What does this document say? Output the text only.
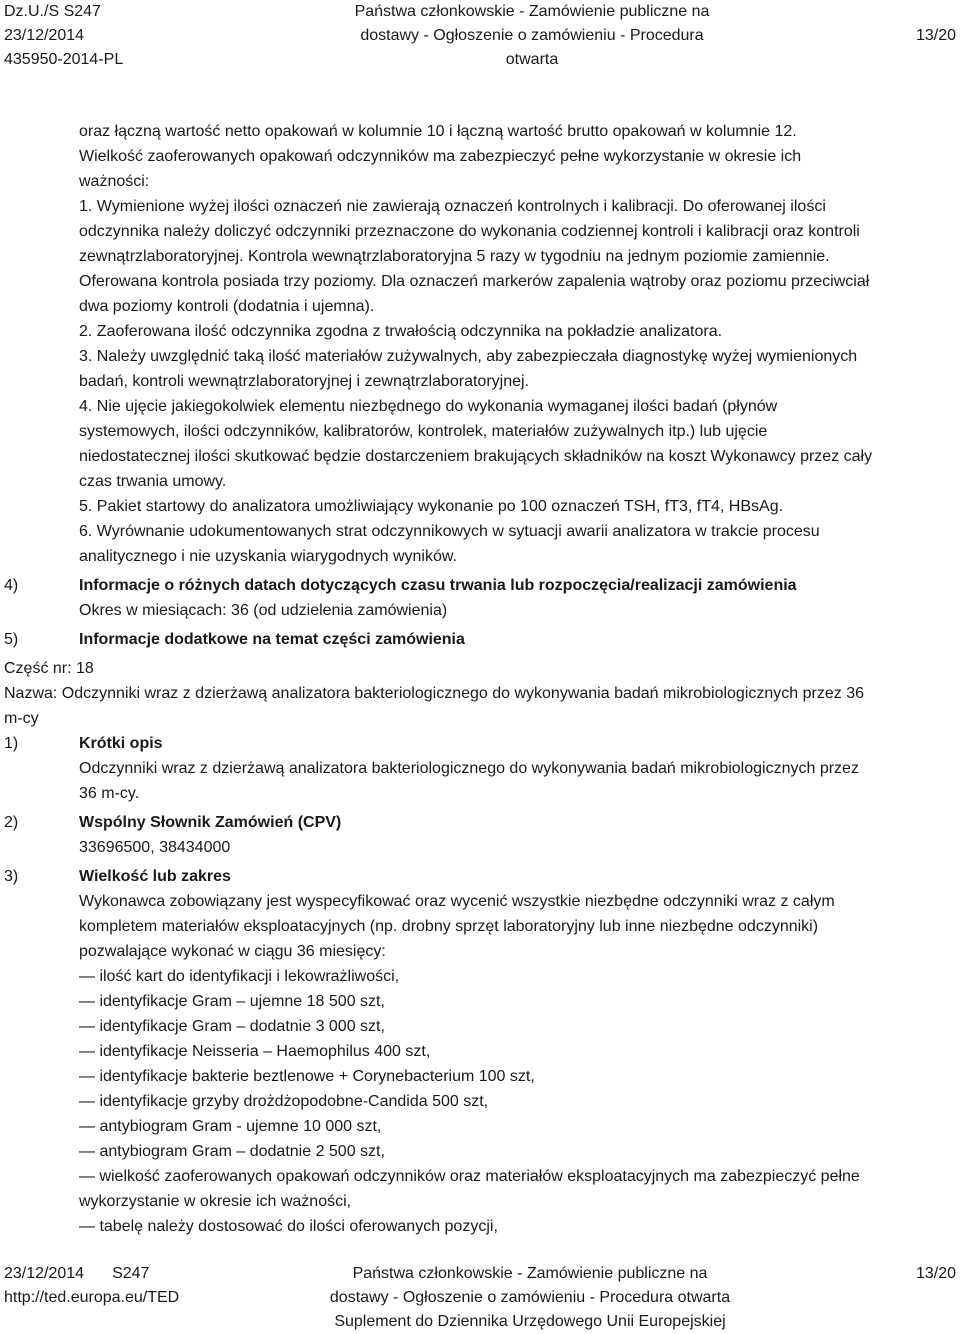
Dz.U./S S247
23/12/2014
435950-2014-PL
Państwa członkowskie - Zamówienie publiczne na
dostawy - Ogłoszenie o zamówieniu - Procedura otwarta
13/20

oraz łączną wartość netto opakowań w kolumnie 10 i łączną wartość brutto opakowań w kolumnie 12.

Wielkość zaoferowanych opakowań odczynników ma zabezpieczyć pełne wykorzystanie w okresie ich

ważności:

1. Wymienione wyżej ilości oznaczeń nie zawierają oznaczeń kontrolnych i kalibracji. Do oferowanej ilości

odczynnika należy doliczyć odczynniki przeznaczone do wykonania codziennej kontroli i kalibracji oraz kontroli

zewnątrzlaboratoryjnej. Kontrola wewnątrzlaboratoryjna 5 razy w tygodniu na jednym poziomie zamiennie.

Oferowana kontrola posiada trzy poziomy. Dla oznaczeń markerów zapalenia wątroby oraz poziomu przeciwciał

dwa poziomy kontroli (dodatnia i ujemna).

2. Zaoferowana ilość odczynnika zgodna z trwałością odczynnika na pokładzie analizatora.

3. Należy uwzględnić taką ilość materiałów zużywalnych, aby zabezpieczała diagnostykę wyżej wymienionych

badań, kontroli wewnątrzlaboratoryjnej i zewnątrzlaboratoryjnej.

4. Nie ujęcie jakiegokolwiek elementu niezbędnego do wykonania wymaganej ilości badań (płynów

systemowych, ilości odczynników, kalibratorów, kontrolek, materiałów zużywalnych itp.) lub ujęcie

niedostatecznej ilości skutkować będzie dostarczeniem brakujących składników na koszt Wykonawcy przez cały

czas trwania umowy.

5. Pakiet startowy do analizatora umożliwiający wykonanie po 100 oznaczeń TSH, fT3, fT4, HBsAg.

6. Wyrównanie udokumentowanych strat odczynnikowych w sytuacji awarii analizatora w trakcie procesu

analitycznego i nie uzyskania wiarygodnych wyników.

4)	Informacje o różnych datach dotyczących czasu trwania lub rozpoczęcia/realizacji zamówienia
Okres w miesiącach: 36 (od udzielenia zamówienia)
5)	Informacje dodatkowe na temat części zamówienia

Część nr: 18

Nazwa: Odczynniki wraz z dzierżawą analizatora bakteriologicznego do wykonywania badań mikrobiologicznych przez 36

m-cy

1)	Krótki opis
Odczynniki wraz z dzierżawą analizatora bakteriologicznego do wykonywania badań mikrobiologicznych przez
36 m-cy.
2)	Wspólny Słownik Zamówień (CPV)
33696500, 38434000
3)	Wielkość lub zakres
Wykonawca zobowiązany jest wyspecyfikować oraz wycenić wszystkie niezbędne odczynniki wraz z całym
kompletem materiałów eksploatacyjnych (np. drobny sprzęt laboratoryjny lub inne niezbędne odczynniki)
pozwalające wykonać w ciągu 36 miesięcy:
— ilość kart do identyfikacji i lekowrażliwości,
— identyfikacje Gram – ujemne 18 500 szt,
— identyfikacje Gram – dodatnie 3 000 szt,
— identyfikacje Neisseria – Haemophilus 400 szt,
— identyfikacje bakterie beztlenowe + Corynebacterium 100 szt,
— identyfikacje grzyby drożdżopodobne-Candida 500 szt,
— antybiogram Gram - ujemne 10 000 szt,
— antybiogram Gram – dodatnie 2 500 szt,
— wielkość zaoferowanych opakowań odczynników oraz materiałów eksploatacyjnych ma zabezpieczyć pełne
wykorzystanie w okresie ich ważności,
— tabelę należy dostosować do ilości oferowanych pozycji,
23/12/2014 S247
http://ted.europa.eu/TED
Państwa członkowskie - Zamówienie publiczne na
dostawy - Ogłoszenie o zamówieniu - Procedura otwarta
Suplement do Dziennika Urzędowego Unii Europejskiej
13/20
